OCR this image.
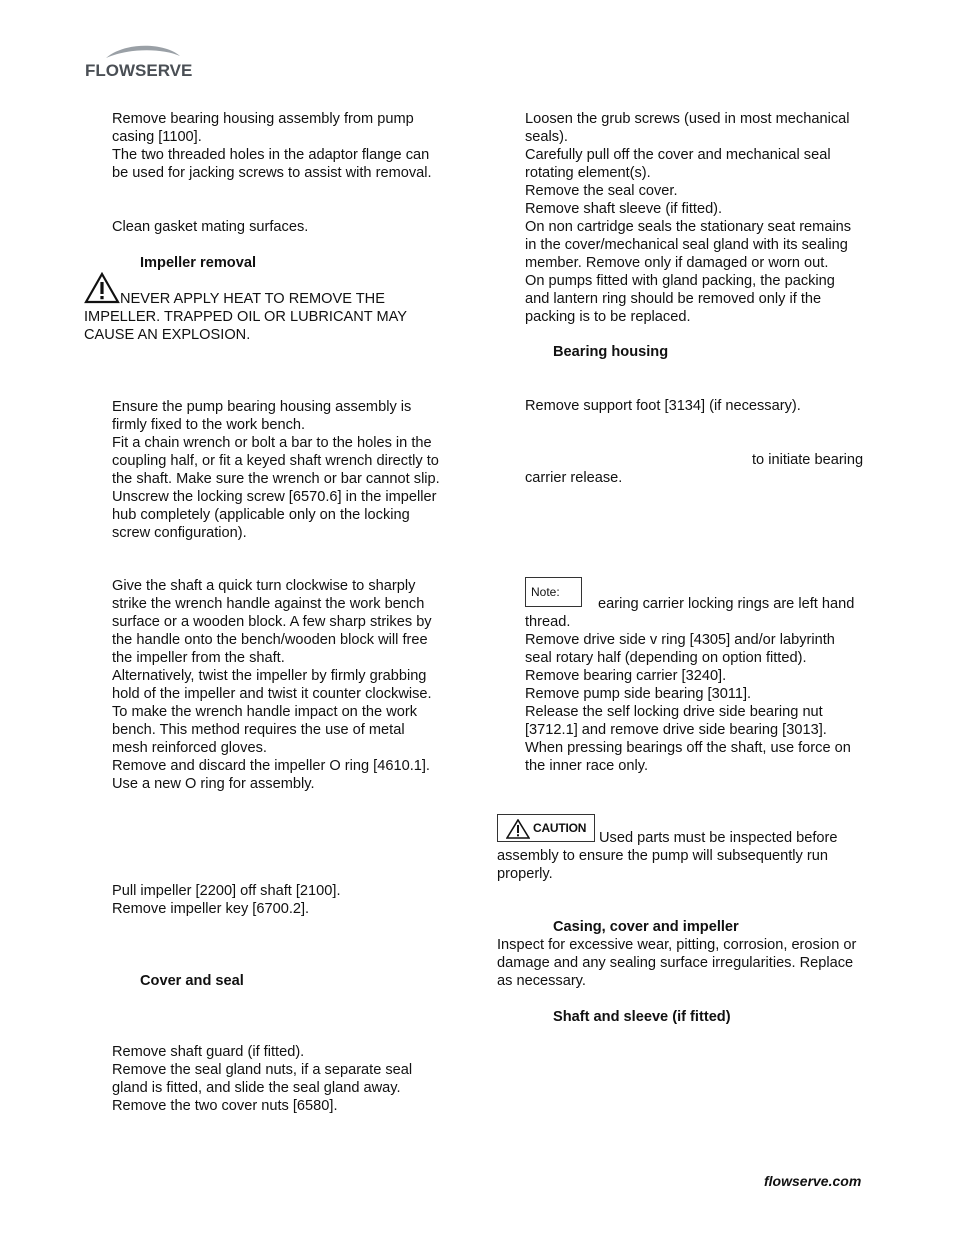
FLOWSERVE
Remove bearing housing assembly from pump
casing [1100].
The two threaded holes in the adaptor flange can
be used for jacking screws to assist with removal.
Clean gasket mating surfaces.
Impeller removal
NEVER APPLY HEAT TO REMOVE THE
IMPELLER. TRAPPED OIL OR LUBRICANT MAY
CAUSE AN EXPLOSION.
Ensure the pump bearing housing assembly is
firmly fixed to the work bench.
Fit a chain wrench or bolt a bar to the holes in the
coupling half, or fit a keyed shaft wrench directly to
the shaft. Make sure the wrench or bar cannot slip.
Unscrew the locking screw [6570.6] in the impeller
hub completely (applicable only on the locking
screw configuration).
Give the shaft a quick turn clockwise to sharply
strike the wrench handle against the work bench
surface or a wooden block. A few sharp strikes by
the handle onto the bench/wooden block will free
the impeller from the shaft.
Alternatively, twist the impeller by firmly grabbing
hold of the impeller and twist it counter clockwise.
To make the wrench handle impact on the work
bench. This method requires the use of metal
mesh reinforced gloves.
Remove and discard the impeller O ring [4610.1].
Use a new O ring for assembly.
Pull impeller [2200] off shaft [2100].
Remove impeller key [6700.2].
Cover and seal
Remove shaft guard (if fitted).
Remove the seal gland nuts, if a separate seal
gland is fitted, and slide the seal gland away.
Remove the two cover nuts [6580].
Loosen the grub screws (used in most mechanical
seals).
Carefully pull off the cover and mechanical seal
rotating element(s).
Remove the seal cover.
Remove shaft sleeve (if fitted).
On non cartridge seals the stationary seat remains
in the cover/mechanical seal gland with its sealing
member. Remove only if damaged or worn out.
On pumps fitted with gland packing, the packing
and lantern ring should be removed only if the
packing is to be replaced.
Bearing housing
Remove support foot [3134] (if necessary).
to initiate bearing
carrier release.
Note:
earing carrier locking rings are left hand
thread.
Remove drive side v ring [4305] and/or labyrinth
seal rotary half (depending on option fitted).
Remove bearing carrier [3240].
Remove pump side bearing [3011].
Release the self locking drive side bearing nut
[3712.1] and remove drive side bearing [3013].
When pressing bearings off the shaft, use force on
the inner race only.
CAUTION
Used parts must be inspected before
assembly to ensure the pump will subsequently run
properly.
Casing, cover and impeller
Inspect for excessive wear, pitting, corrosion, erosion or
damage and any sealing surface irregularities. Replace
as necessary.
Shaft and sleeve (if fitted)
flowserve.com
